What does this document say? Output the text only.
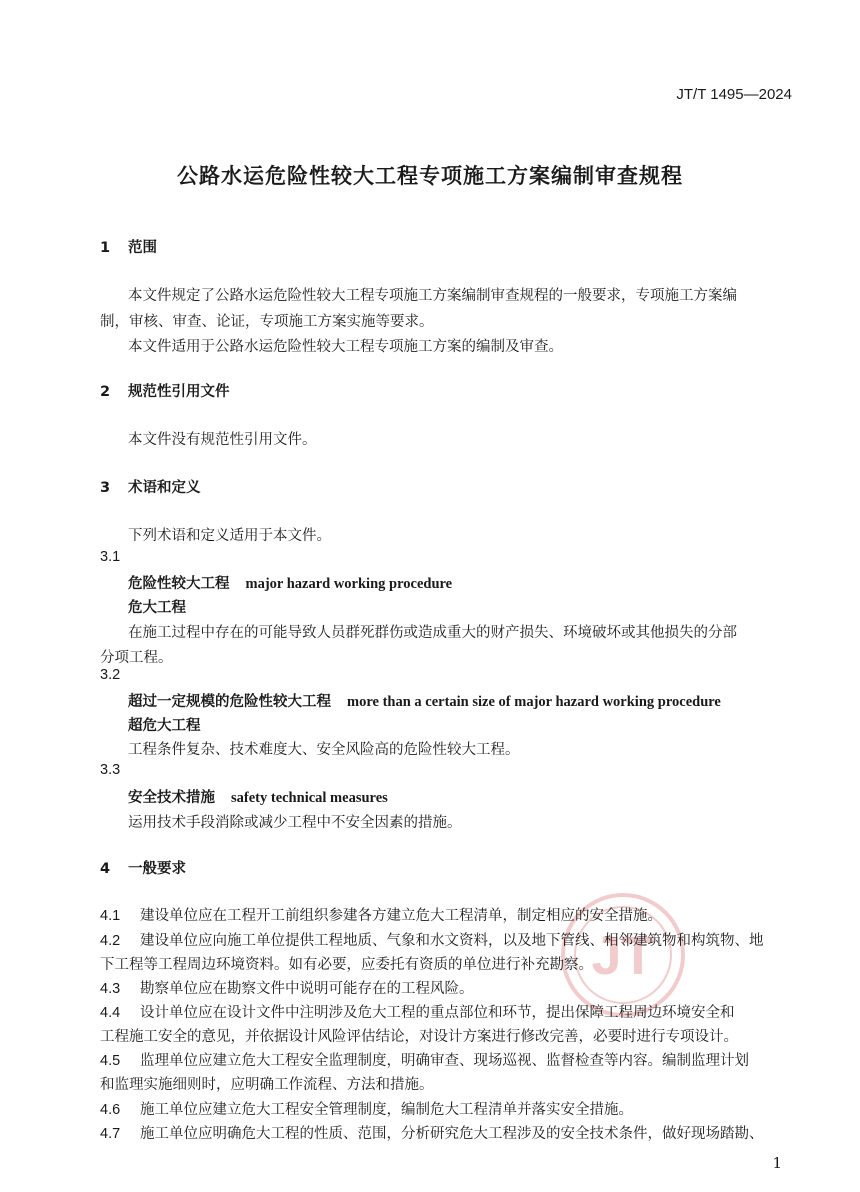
JT/T 1495—2024
公路水运危险性较大工程专项施工方案编制审查规程
1 范围
本文件规定了公路水运危险性较大工程专项施工方案编制审查规程的一般要求，专项施工方案编
制，审核、审查、论证，专项施工方案实施等要求。
本文件适用于公路水运危险性较大工程专项施工方案的编制及审查。
2 规范性引用文件
本文件没有规范性引用文件。
3 术语和定义
下列术语和定义适用于本文件。
3.1
危险性较大工程 major hazard working procedure
危大工程
在施工过程中存在的可能导致人员群死群伤或造成重大的财产损失、环境破坏或其他损失的分部
分项工程。
3.2
超过一定规模的危险性较大工程 more than a certain size of major hazard working procedure
超危大工程
工程条件复杂、技术难度大、安全风险高的危险性较大工程。
3.3
安全技术措施 safety technical measures
运用技术手段消除或减少工程中不安全因素的措施。
4 一般要求
JT
4.1 建设单位应在工程开工前组织参建各方建立危大工程清单，制定相应的安全措施。
4.2 建设单位应向施工单位提供工程地质、气象和水文资料，以及地下管线、相邻建筑物和构筑物、地
下工程等工程周边环境资料。如有必要，应委托有资质的单位进行补充勘察。
4.3 勘察单位应在勘察文件中说明可能存在的工程风险。
4.4 设计单位应在设计文件中注明涉及危大工程的重点部位和环节，提出保障工程周边环境安全和
工程施工安全的意见，并依据设计风险评估结论，对设计方案进行修改完善，必要时进行专项设计。
4.5 监理单位应建立危大工程安全监理制度，明确审查、现场巡视、监督检查等内容。编制监理计划
和监理实施细则时，应明确工作流程、方法和措施。
4.6 施工单位应建立危大工程安全管理制度，编制危大工程清单并落实安全措施。
4.7 施工单位应明确危大工程的性质、范围，分析研究危大工程涉及的安全技术条件，做好现场踏勘、
1
